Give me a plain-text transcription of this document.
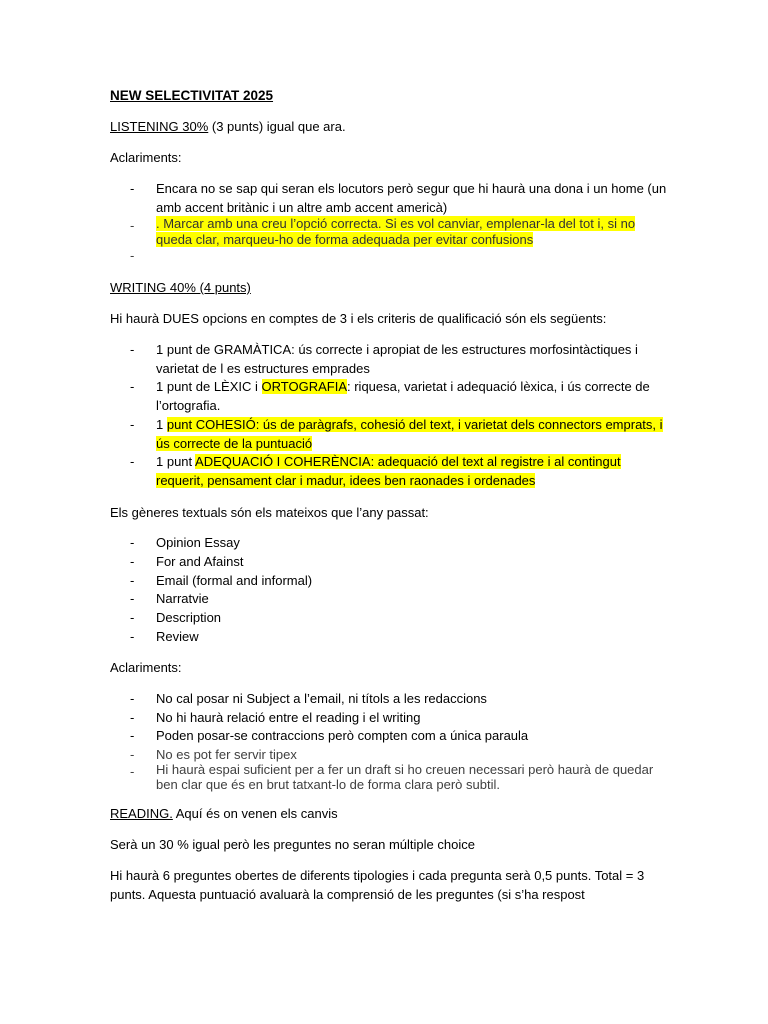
NEW SELECTIVITAT 2025
LISTENING 30% (3 punts) igual que ara.
Aclariments:
- Encara no se sap qui seran els locutors però segur que hi haurà una dona i un home (un amb accent britànic i un altre amb accent americà)
- . Marcar amb una creu l’opció correcta. Si es vol canviar, emplenar-la del tot i, si no queda clar, marqueu-ho de forma adequada per evitar confusions
-
WRITING 40% (4 punts)
Hi haurà DUES opcions en comptes de 3 i els criteris de qualificació són els següents:
- 1 punt de GRAMÀTICA: ús correcte i apropiat de les estructures morfosintàctiques i varietat de l es estructures emprades
- 1 punt de LÈXIC i ORTOGRAFIA: riquesa, varietat i adequació lèxica, i ús correcte de l’ortografia.
- 1 punt COHESIÓ: ús de paràgrafs, cohesió del text, i varietat dels connectors emprats, i ús correcte de la puntuació
- 1 punt ADEQUACIÓ I COHERÈNCIA: adequació del text al registre i al contingut requerit, pensament clar i madur, idees ben raonades i ordenades
Els gèneres textuals són els mateixos que l’any passat:
- Opinion Essay
- For and Afainst
- Email (formal and informal)
- Narratvie
- Description
- Review
Aclariments:
- No cal posar ni Subject a l’email, ni títols a les redaccions
- No hi haurà relació entre el reading i el writing
- Poden posar-se contraccions però compten com a única paraula
- No es pot fer servir tipex
- Hi haurà espai suficient per a fer un draft si ho creuen necessari però haurà de quedar ben clar que és en brut tatxant-lo de forma clara però subtil.
READING. Aquí és on venen els canvis
Serà un 30 % igual però les preguntes no seran múltiple choice
Hi haurà 6 preguntes obertes de diferents tipologies i cada pregunta serà 0,5 punts. Total = 3
punts. Aquesta puntuació avaluarà la comprensió de les preguntes (si s’ha respost
